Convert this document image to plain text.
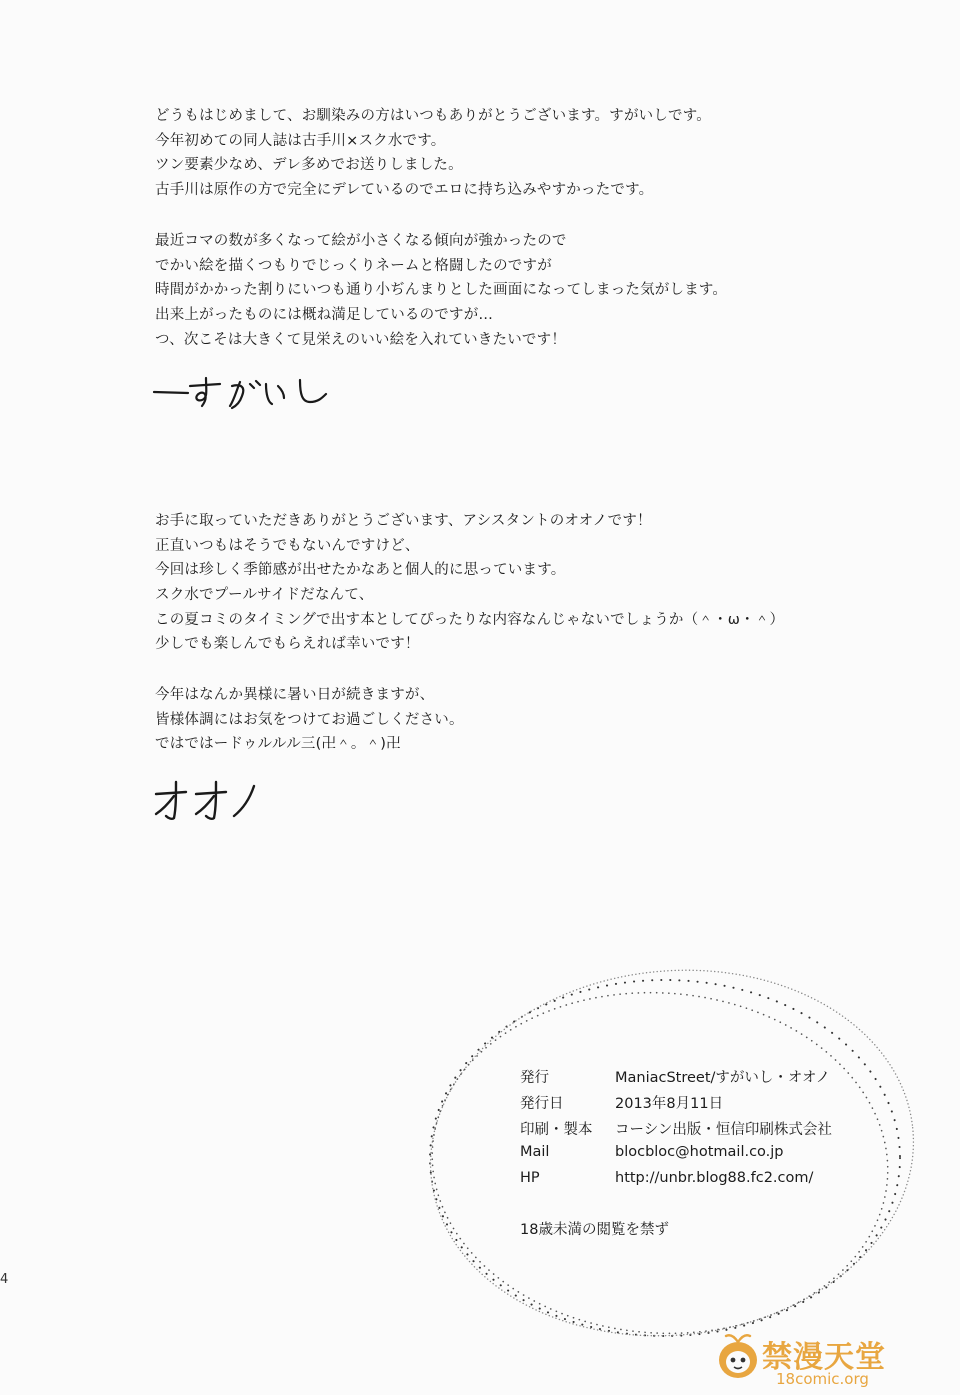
どうもはじめまして、お馴染みの方はいつもありがとうございます。すがいしです。
今年初めての同人誌は古手川×スク水です。
ツン要素少なめ、デレ多めでお送りしました。
古手川は原作の方で完全にデレているのでエロに持ち込みやすかったです。
最近コマの数が多くなって絵が小さくなる傾向が強かったので
でかい絵を描くつもりでじっくりネームと格闘したのですが
時間がかかった割りにいつも通り小ぢんまりとした画面になってしまった気がします。
出来上がったものには概ね満足しているのですが…
つ、次こそは大きくて見栄えのいい絵を入れていきたいです！
お手に取っていただきありがとうございます、アシスタントのオオノです！
正直いつもはそうでもないんですけど、
今回は珍しく季節感が出せたかなあと個人的に思っています。
スク水でプールサイドだなんて、
この夏コミのタイミングで出す本としてぴったりな内容なんじゃないでしょうか（＾・ω・＾）
少しでも楽しんでもらえれば幸いです！
今年はなんか異様に暑い日が続きますが、
皆様体調にはお気をつけてお過ごしください。
ではではードゥルルル三(卍＾。＾)卍
4
発行	ManiacStreet/すがいし・オオノ
発行日	2013年8月11日
印刷・製本 コーシン出版・恒信印刷株式会社
Mail	blocbloc@hotmail.co.jp
HP	http://unbr.blog88.fc2.com/
18歳未満の閲覧を禁ず
禁漫天堂
18comic.org
